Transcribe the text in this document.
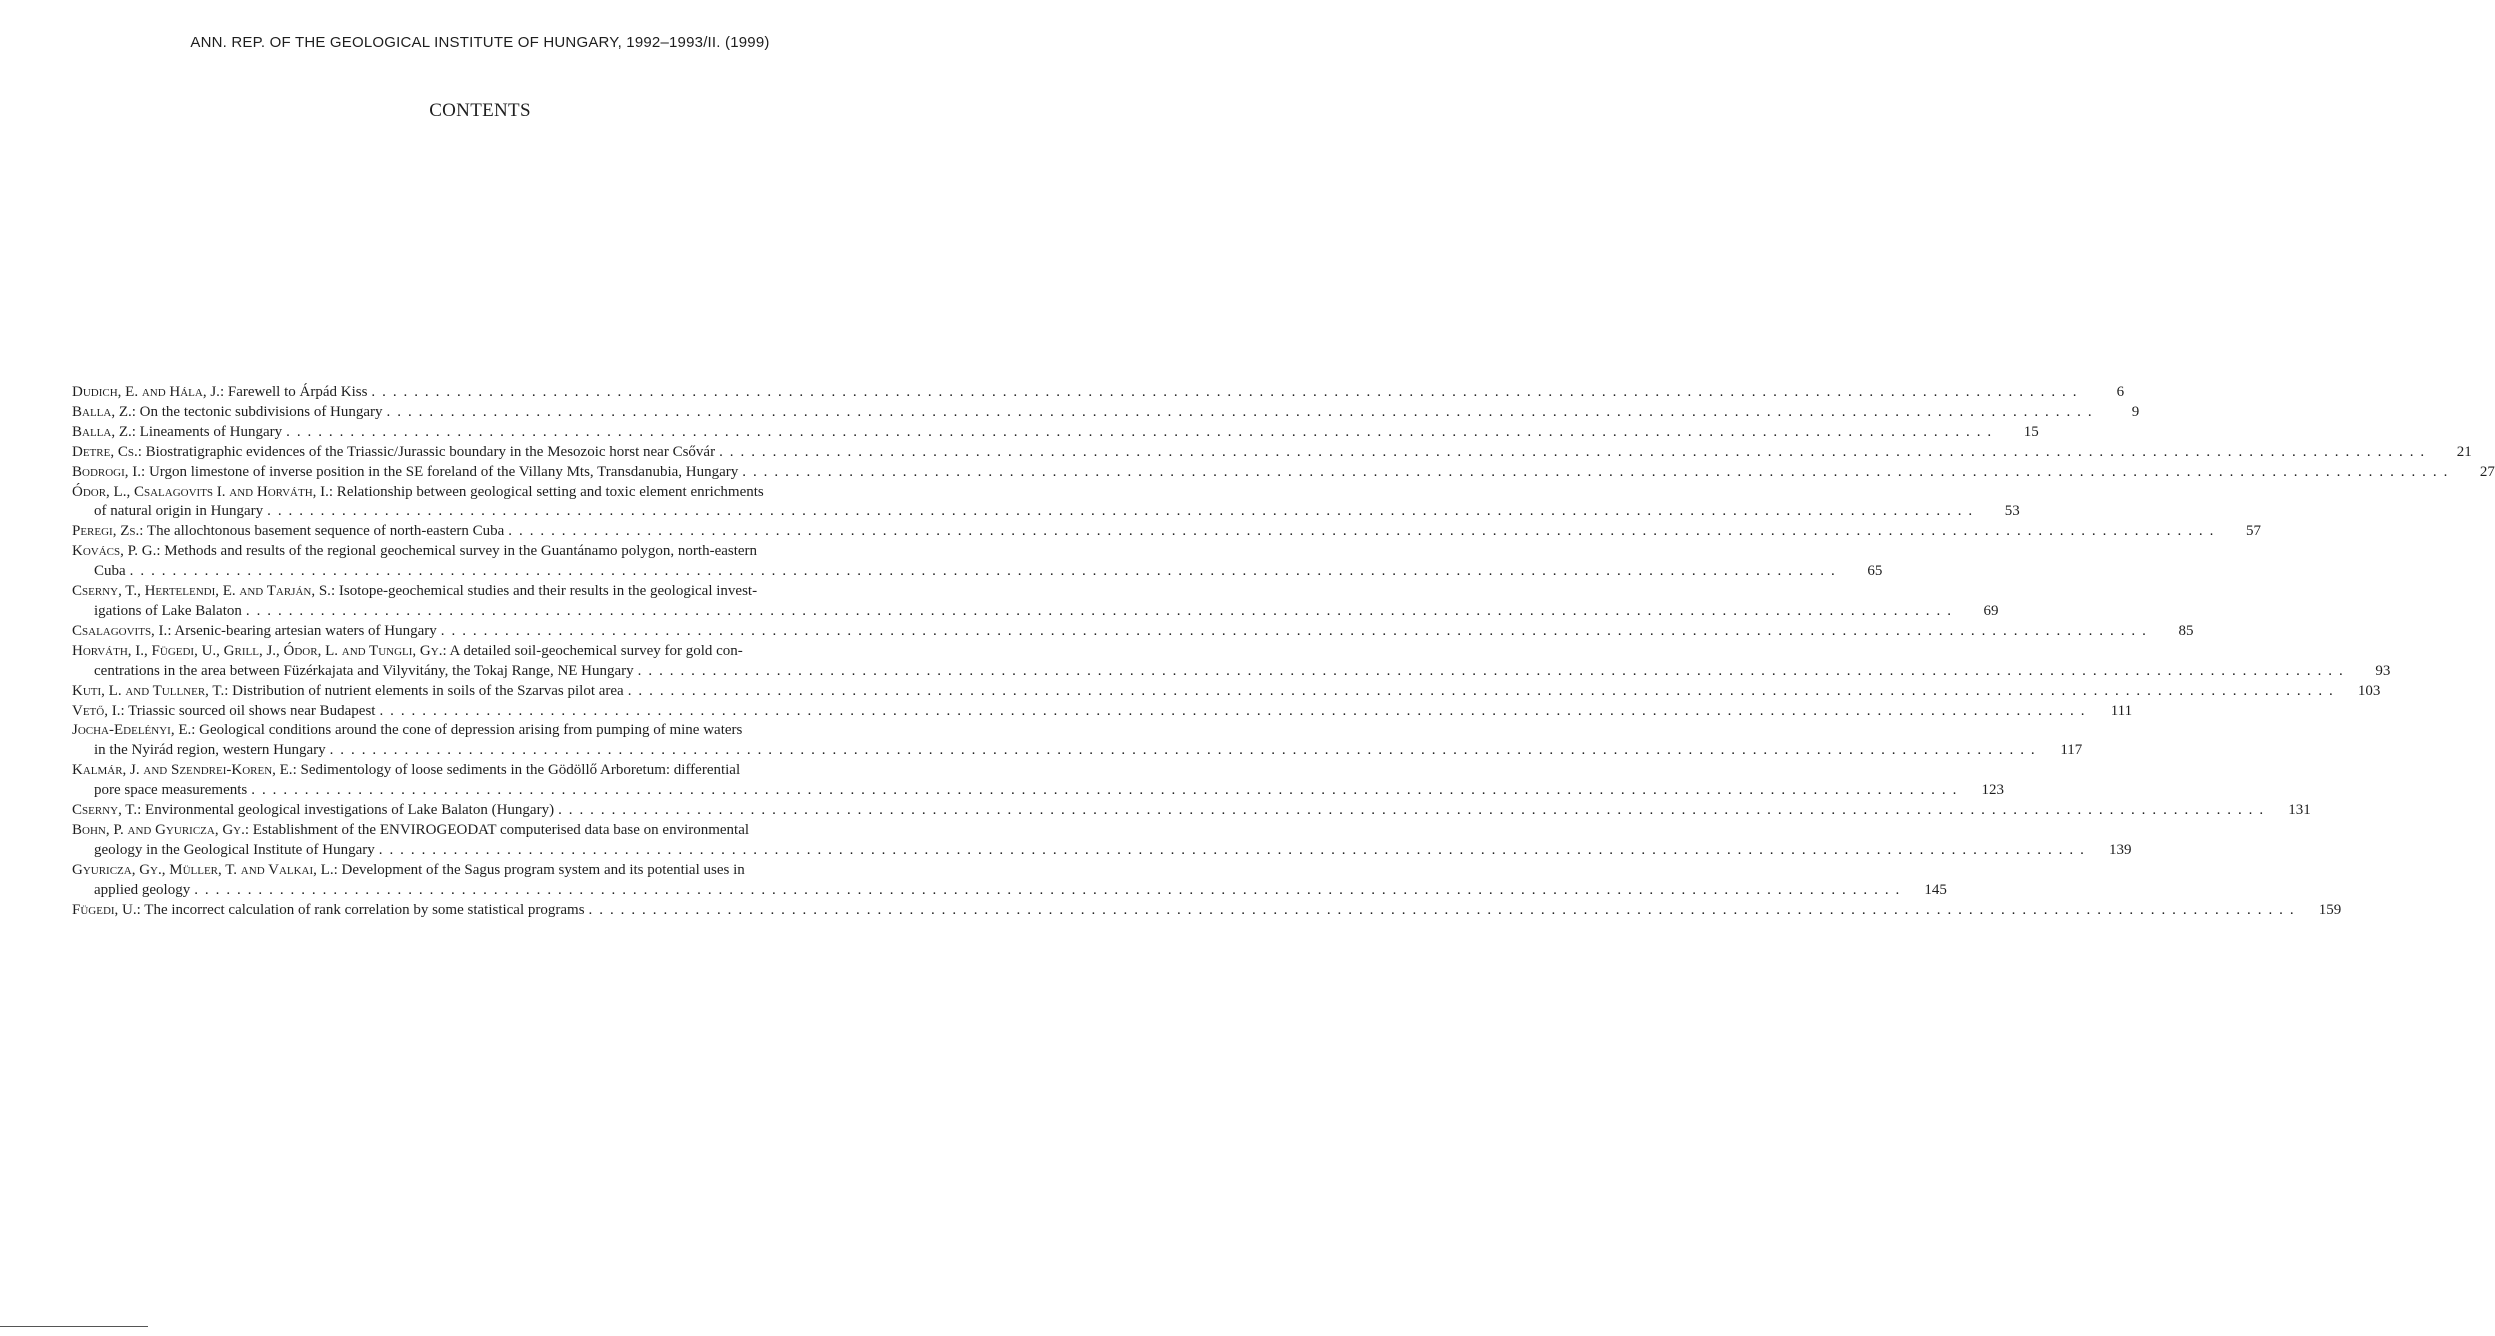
ANN. REP. OF THE GEOLOGICAL INSTITUTE OF HUNGARY, 1992–1993/II. (1999)
CONTENTS
Dudich, E. and Hála, J. : Farewell to Árpád Kiss . . . . . . . . . . . . . . . . . . . . . . . . . . . . . . . . . . . . . . . . . . . . . . . . . . . . . . . . . . . . . . . . . . . . . . . . . . . . . . . . . . . . . . . . . . . . . . . . . . . . . . . . . . . . . . . . . . . . . . . . . . . . . . . . . . . . . . . . . . . . . . . . . . . . . . . . . . . . . . . .	6
Balla, Z. : On the tectonic subdivisions of Hungary . . . . . . . . . . . . . . . . . . . . . . . . . . . . . . . . . . . . . . . . . . . . . . . . . . . . . . . . . . . . . . . . . . . . . . . . . . . . . . . . . . . . . . . . . . . . . . . . . . . . . . . . . . . . . . . . . . . . . . . . . . . . . . . . . . . . . . . . . . . . . . . . . . . . . . . . . . . . . . . .	9
Balla, Z. : Lineaments of Hungary . . . . . . . . . . . . . . . . . . . . . . . . . . . . . . . . . . . . . . . . . . . . . . . . . . . . . . . . . . . . . . . . . . . . . . . . . . . . . . . . . . . . . . . . . . . . . . . . . . . . . . . . . . . . . . . . . . . . . . . . . . . . . . . . . . . . . . . . . . . . . . . . . . . . . . . . . . . . . . . .	15
Detre, Cs. : Biostratigraphic evidences of the Triassic/Jurassic boundary in the Mesozoic horst near Csővár . . . . . . . . . . . . . . . . . . . . . . . . . . . . . . . . . . . . . . . . . . . . . . . . . . . . . . . . . . . . . . . . . . . . . . . . . . . . . . . . . . . . . . . . . . . . . . . . . . . . . . . . . . . . . . . . . . . . . . . . . . . . . . . . . . . . . . . . . . . . . . . . . . . . . . . . . . . . . . . .	21
Bodrogi, I. : Urgon limestone of inverse position in the SE foreland of the Villany Mts, Transdanubia, Hungary . . . . . . . . . . . . . . . . . . . . . . . . . . . . . . . . . . . . . . . . . . . . . . . . . . . . . . . . . . . . . . . . . . . . . . . . . . . . . . . . . . . . . . . . . . . . . . . . . . . . . . . . . . . . . . . . . . . . . . . . . . . . . . . . . . . . . . . . . . . . . . . . . . . . . . . . . . . . . . . .	27
Ódor, L., Csalagovits I. and Horváth, I. : Relationship between geological setting and toxic element enrichments
of natural origin in Hungary . . . . . . . . . . . . . . . . . . . . . . . . . . . . . . . . . . . . . . . . . . . . . . . . . . . . . . . . . . . . . . . . . . . . . . . . . . . . . . . . . . . . . . . . . . . . . . . . . . . . . . . . . . . . . . . . . . . . . . . . . . . . . . . . . . . . . . . . . . . . . . . . . . . . . . . . . . . . . . . .	53
Peregi, Zs. : The allochtonous basement sequence of north-eastern Cuba . . . . . . . . . . . . . . . . . . . . . . . . . . . . . . . . . . . . . . . . . . . . . . . . . . . . . . . . . . . . . . . . . . . . . . . . . . . . . . . . . . . . . . . . . . . . . . . . . . . . . . . . . . . . . . . . . . . . . . . . . . . . . . . . . . . . . . . . . . . . . . . . . . . . . . . . . . . . . . . .	57
Kovács, P. G. : Methods and results of the regional geochemical survey in the Guantánamo polygon, north-eastern
Cuba . . . . . . . . . . . . . . . . . . . . . . . . . . . . . . . . . . . . . . . . . . . . . . . . . . . . . . . . . . . . . . . . . . . . . . . . . . . . . . . . . . . . . . . . . . . . . . . . . . . . . . . . . . . . . . . . . . . . . . . . . . . . . . . . . . . . . . . . . . . . . . . . . . . . . . . . . . . . . . . .	65
Cserny, T., Hertelendi, E. and Tarján, S. : Isotope-geochemical studies and their results in the geological invest-
igations of Lake Balaton . . . . . . . . . . . . . . . . . . . . . . . . . . . . . . . . . . . . . . . . . . . . . . . . . . . . . . . . . . . . . . . . . . . . . . . . . . . . . . . . . . . . . . . . . . . . . . . . . . . . . . . . . . . . . . . . . . . . . . . . . . . . . . . . . . . . . . . . . . . . . . . . . . . . . . . . . . . . . . . .	69
Csalagovits, I. : Arsenic-bearing artesian waters of Hungary . . . . . . . . . . . . . . . . . . . . . . . . . . . . . . . . . . . . . . . . . . . . . . . . . . . . . . . . . . . . . . . . . . . . . . . . . . . . . . . . . . . . . . . . . . . . . . . . . . . . . . . . . . . . . . . . . . . . . . . . . . . . . . . . . . . . . . . . . . . . . . . . . . . . . . . . . . . . . . . .	85
Horváth, I., Fügedi, U., Grill, J., Ódor, L. and Tungli, Gy. : A detailed soil-geochemical survey for gold con-
centrations in the area between Füzérkajata and Vilyvitány, the Tokaj Range, NE Hungary . . . . . . . . . . . . . . . . . . . . . . . . . . . . . . . . . . . . . . . . . . . . . . . . . . . . . . . . . . . . . . . . . . . . . . . . . . . . . . . . . . . . . . . . . . . . . . . . . . . . . . . . . . . . . . . . . . . . . . . . . . . . . . . . . . . . . . . . . . . . . . . . . . . . . . . . . . . . . . . .	93
Kuti, L. and Tullner, T. : Distribution of nutrient elements in soils of the Szarvas pilot area . . . . . . . . . . . . . . . . . . . . . . . . . . . . . . . . . . . . . . . . . . . . . . . . . . . . . . . . . . . . . . . . . . . . . . . . . . . . . . . . . . . . . . . . . . . . . . . . . . . . . . . . . . . . . . . . . . . . . . . . . . . . . . . . . . . . . . . . . . . . . . . . . . . . . . . . . . . . . . . .	103
Vető, I. : Triassic sourced oil shows near Budapest . . . . . . . . . . . . . . . . . . . . . . . . . . . . . . . . . . . . . . . . . . . . . . . . . . . . . . . . . . . . . . . . . . . . . . . . . . . . . . . . . . . . . . . . . . . . . . . . . . . . . . . . . . . . . . . . . . . . . . . . . . . . . . . . . . . . . . . . . . . . . . . . . . . . . . . . . . . . . . . .	111
Jocha-Edelényi, E. : Geological conditions around the cone of depression arising from pumping of mine waters
in the Nyirád region, western Hungary . . . . . . . . . . . . . . . . . . . . . . . . . . . . . . . . . . . . . . . . . . . . . . . . . . . . . . . . . . . . . . . . . . . . . . . . . . . . . . . . . . . . . . . . . . . . . . . . . . . . . . . . . . . . . . . . . . . . . . . . . . . . . . . . . . . . . . . . . . . . . . . . . . . . . . . . . . . . . . . .	117
Kalmár, J. and Szendrei-Koren, E. : Sedimentology of loose sediments in the Gödöllő Arboretum: differential
pore space measurements . . . . . . . . . . . . . . . . . . . . . . . . . . . . . . . . . . . . . . . . . . . . . . . . . . . . . . . . . . . . . . . . . . . . . . . . . . . . . . . . . . . . . . . . . . . . . . . . . . . . . . . . . . . . . . . . . . . . . . . . . . . . . . . . . . . . . . . . . . . . . . . . . . . . . . . . . . . . . . . .	123
Cserny, T. : Environmental geological investigations of Lake Balaton (Hungary) . . . . . . . . . . . . . . . . . . . . . . . . . . . . . . . . . . . . . . . . . . . . . . . . . . . . . . . . . . . . . . . . . . . . . . . . . . . . . . . . . . . . . . . . . . . . . . . . . . . . . . . . . . . . . . . . . . . . . . . . . . . . . . . . . . . . . . . . . . . . . . . . . . . . . . . . . . . . . . . .	131
Bohn, P. and Gyuricza, Gy. : Establishment of the ENVIROGEODAT computerised data base on environmental
geology in the Geological Institute of Hungary . . . . . . . . . . . . . . . . . . . . . . . . . . . . . . . . . . . . . . . . . . . . . . . . . . . . . . . . . . . . . . . . . . . . . . . . . . . . . . . . . . . . . . . . . . . . . . . . . . . . . . . . . . . . . . . . . . . . . . . . . . . . . . . . . . . . . . . . . . . . . . . . . . . . . . . . . . . . . . . .	139
Gyuricza, Gy., Müller, T. and Valkai, L. : Development of the Sagus program system and its potential uses in
applied geology . . . . . . . . . . . . . . . . . . . . . . . . . . . . . . . . . . . . . . . . . . . . . . . . . . . . . . . . . . . . . . . . . . . . . . . . . . . . . . . . . . . . . . . . . . . . . . . . . . . . . . . . . . . . . . . . . . . . . . . . . . . . . . . . . . . . . . . . . . . . . . . . . . . . . . . . . . . . . . . .	145
Fügedi, U. : The incorrect calculation of rank correlation by some statistical programs . . . . . . . . . . . . . . . . . . . . . . . . . . . . . . . . . . . . . . . . . . . . . . . . . . . . . . . . . . . . . . . . . . . . . . . . . . . . . . . . . . . . . . . . . . . . . . . . . . . . . . . . . . . . . . . . . . . . . . . . . . . . . . . . . . . . . . . . . . . . . . . . . . . . . . . . . . . . . . . .	159
